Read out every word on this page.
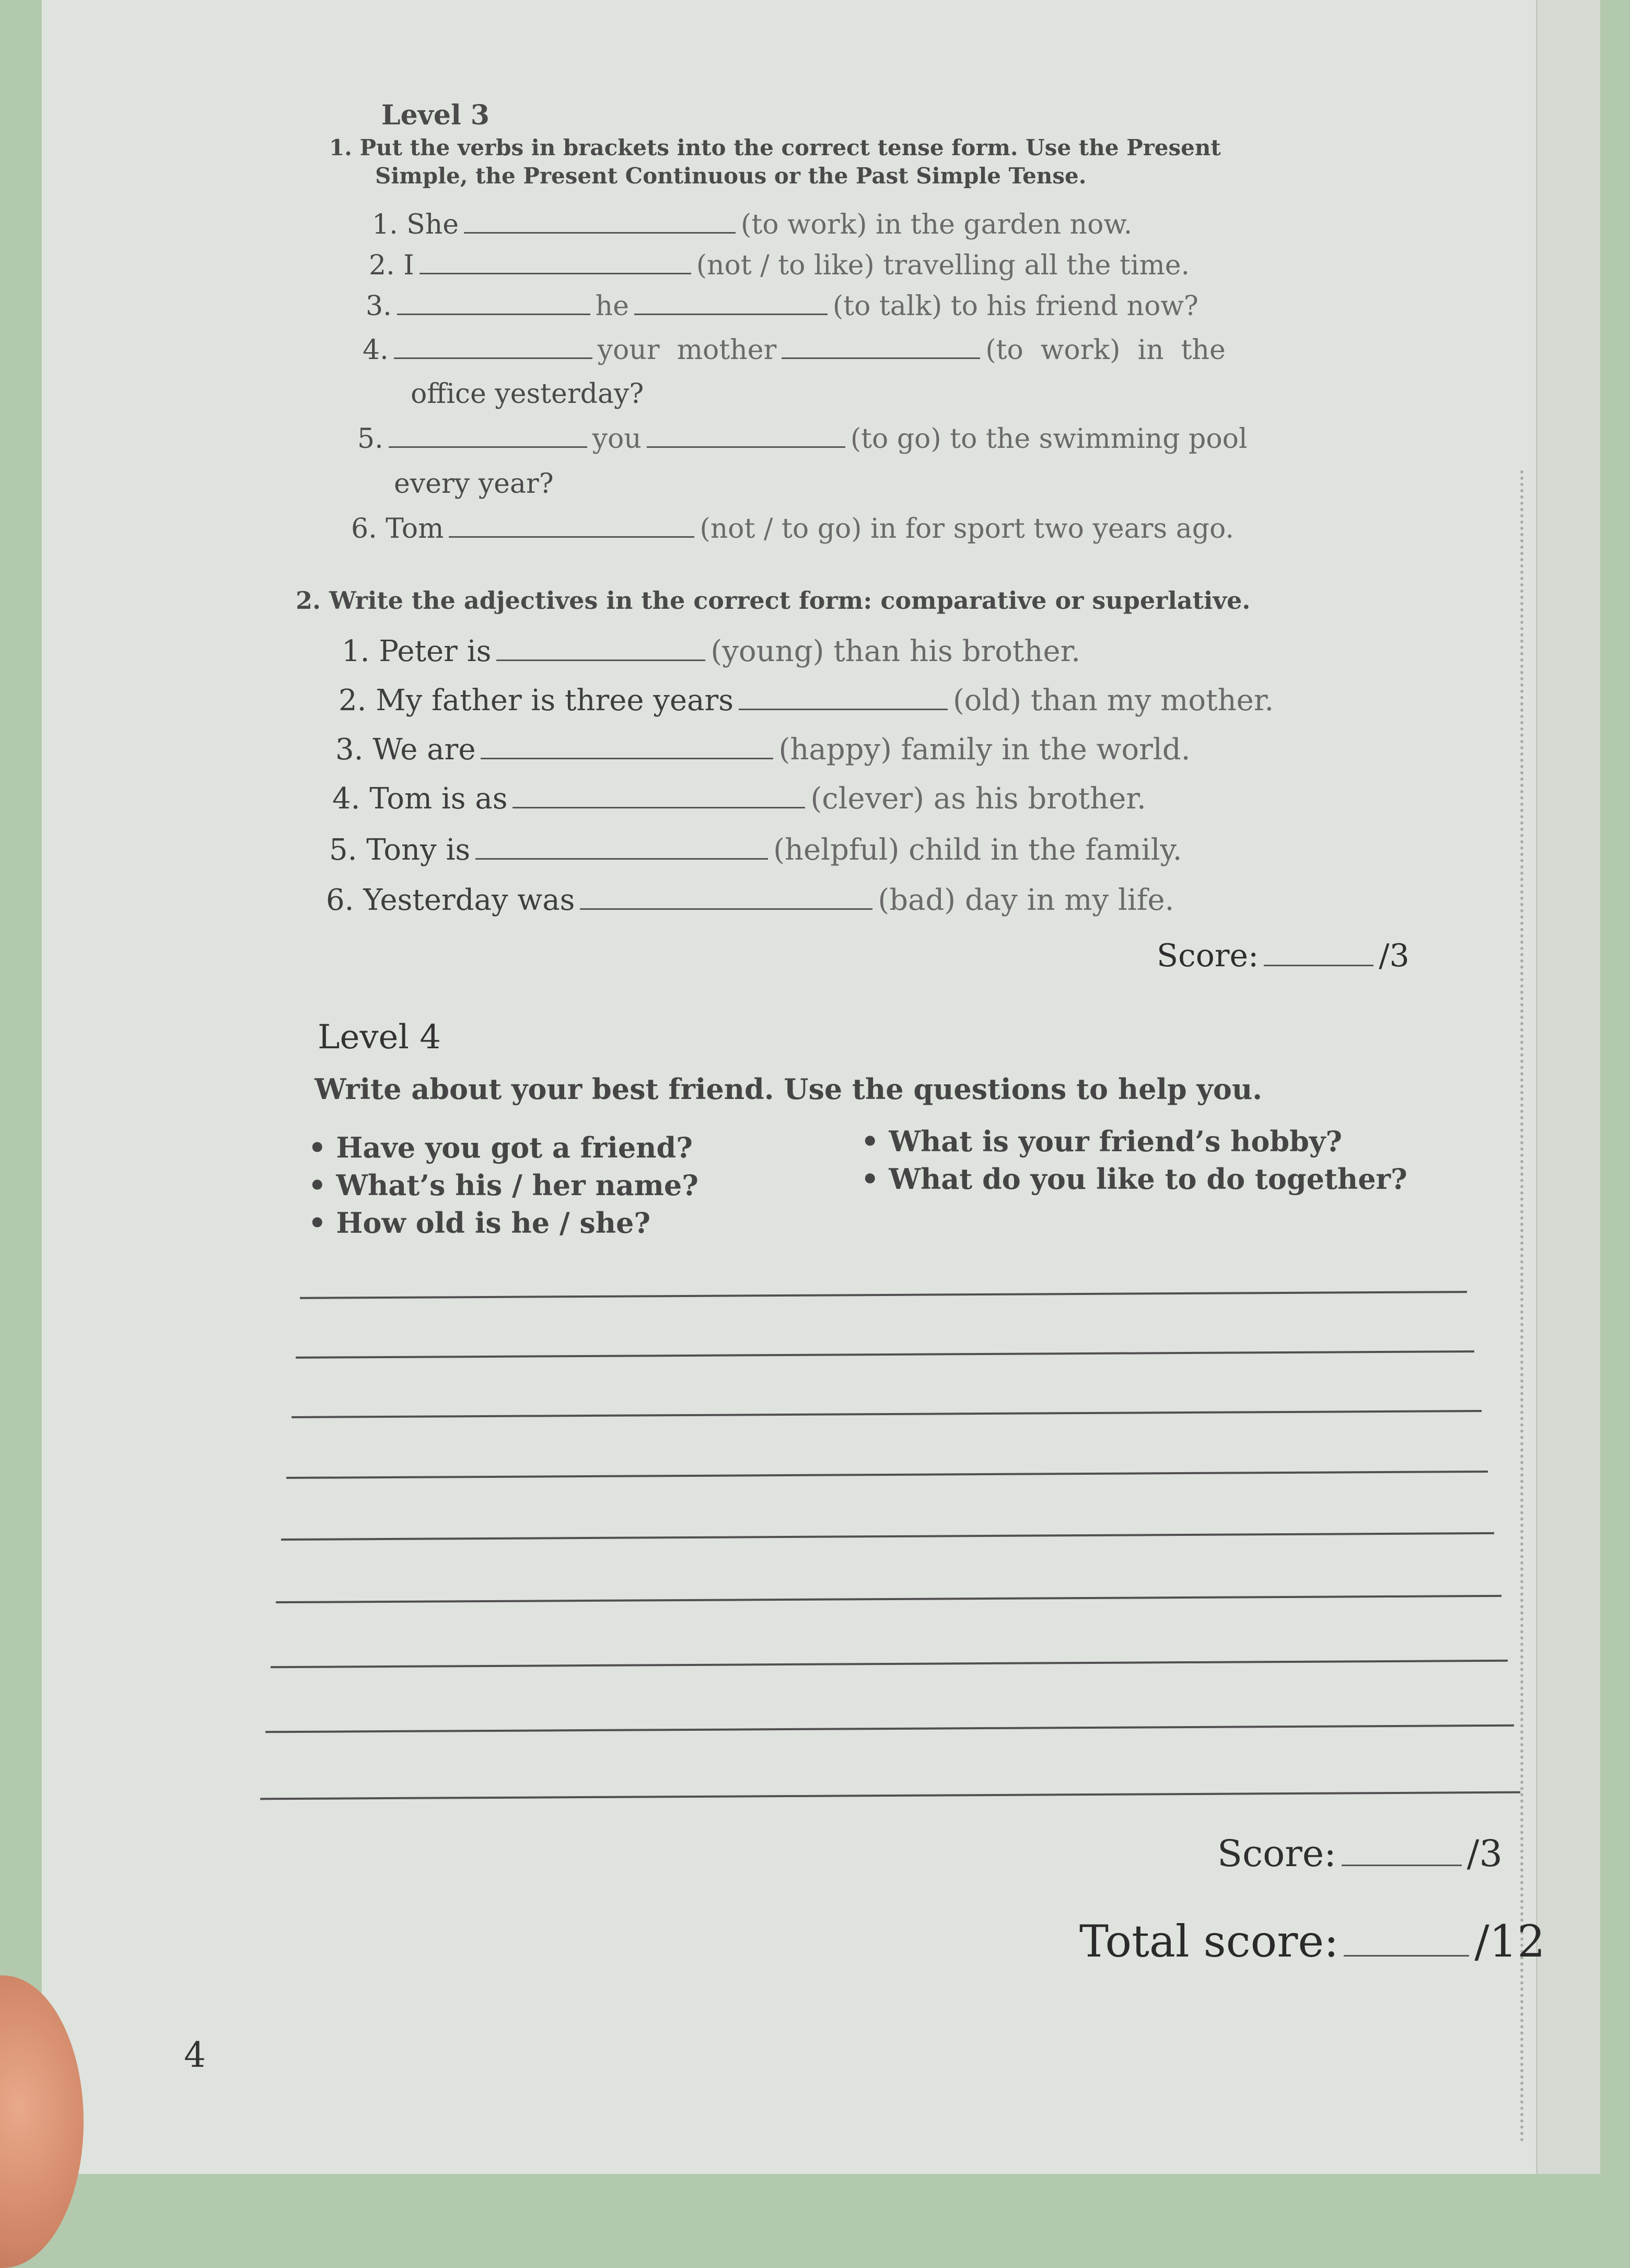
Level 3
1. Put the verbs in brackets into the correct tense form. Use the Present
Simple, the Present Continuous or the Past Simple Tense.
1. She	(to work) in the garden now.
2. I	(not / to like) travelling all the time.
3.	he	(to talk) to his friend now?
4.	your  mother	(to  work)  in  the
office yesterday?
5.	you	(to go) to the swimming pool
every year?
6. Tom	(not / to go) in for sport two years ago.
2. Write the adjectives in the correct form: comparative or superlative.
1. Peter is	(young) than his brother.
2. My father is three years	(old) than my mother.
3. We are	(happy) family in the world.
4. Tom is as	(clever) as his brother.
5. Tony is	(helpful) child in the family.
6. Yesterday was	(bad) day in my life.
Score:	/3
Level 4
Write about your best friend. Use the questions to help you.
• Have you got a friend?
• What’s his / her name?
• How old is he / she?
• What is your friend’s hobby?
• What do you like to do together?
Score:	/3
Total score:	/12
4
